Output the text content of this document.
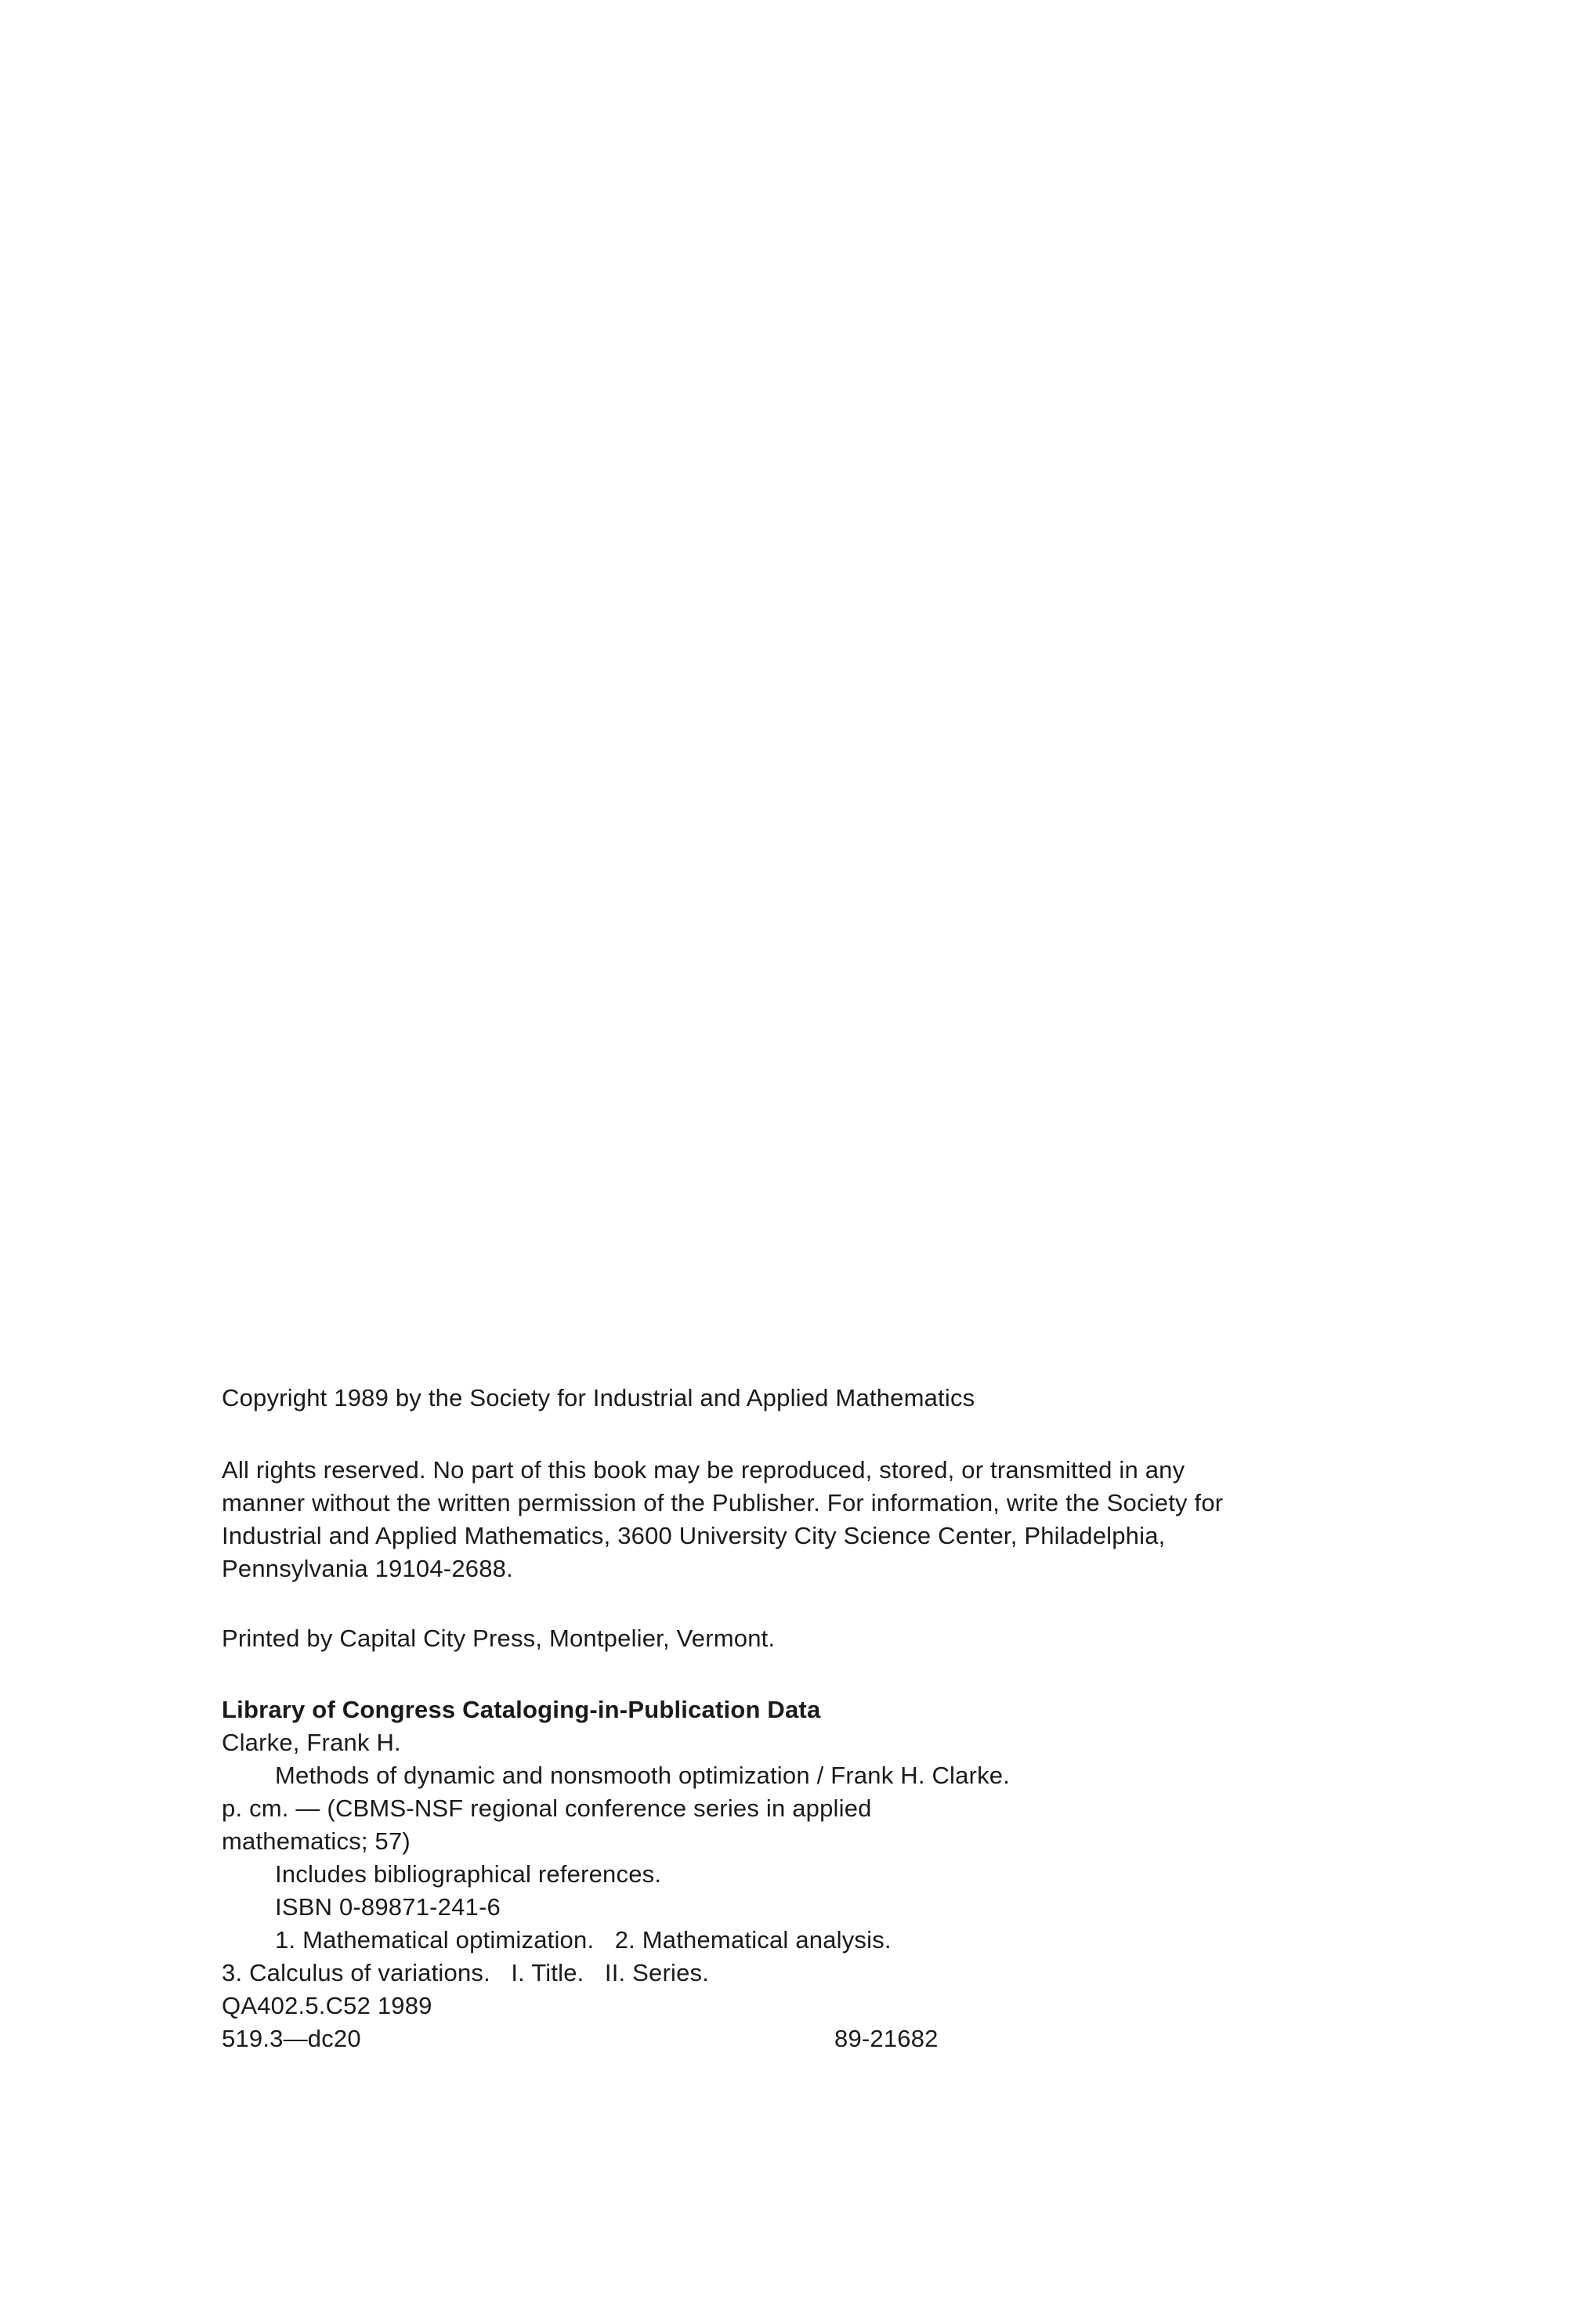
Copyright 1989 by the Society for Industrial and Applied Mathematics

All rights reserved. No part of this book may be reproduced, stored, or transmitted in any

manner without the written permission of the Publisher. For information, write the Society for

Industrial and Applied Mathematics, 3600 University City Science Center, Philadelphia,

Pennsylvania 19104-2688.

Printed by Capital City Press, Montpelier, Vermont.

Library of Congress Cataloging-in-Publication Data

Clarke, Frank H.

Methods of dynamic and nonsmooth optimization / Frank H. Clarke.

p. cm. — (CBMS-NSF regional conference series in applied

mathematics; 57)

Includes bibliographical references.

ISBN 0-89871-241-6

1. Mathematical optimization.   2. Mathematical analysis.

3. Calculus of variations.   I. Title.   II. Series.

QA402.5.C52 1989

519.3—dc20	89-21682
